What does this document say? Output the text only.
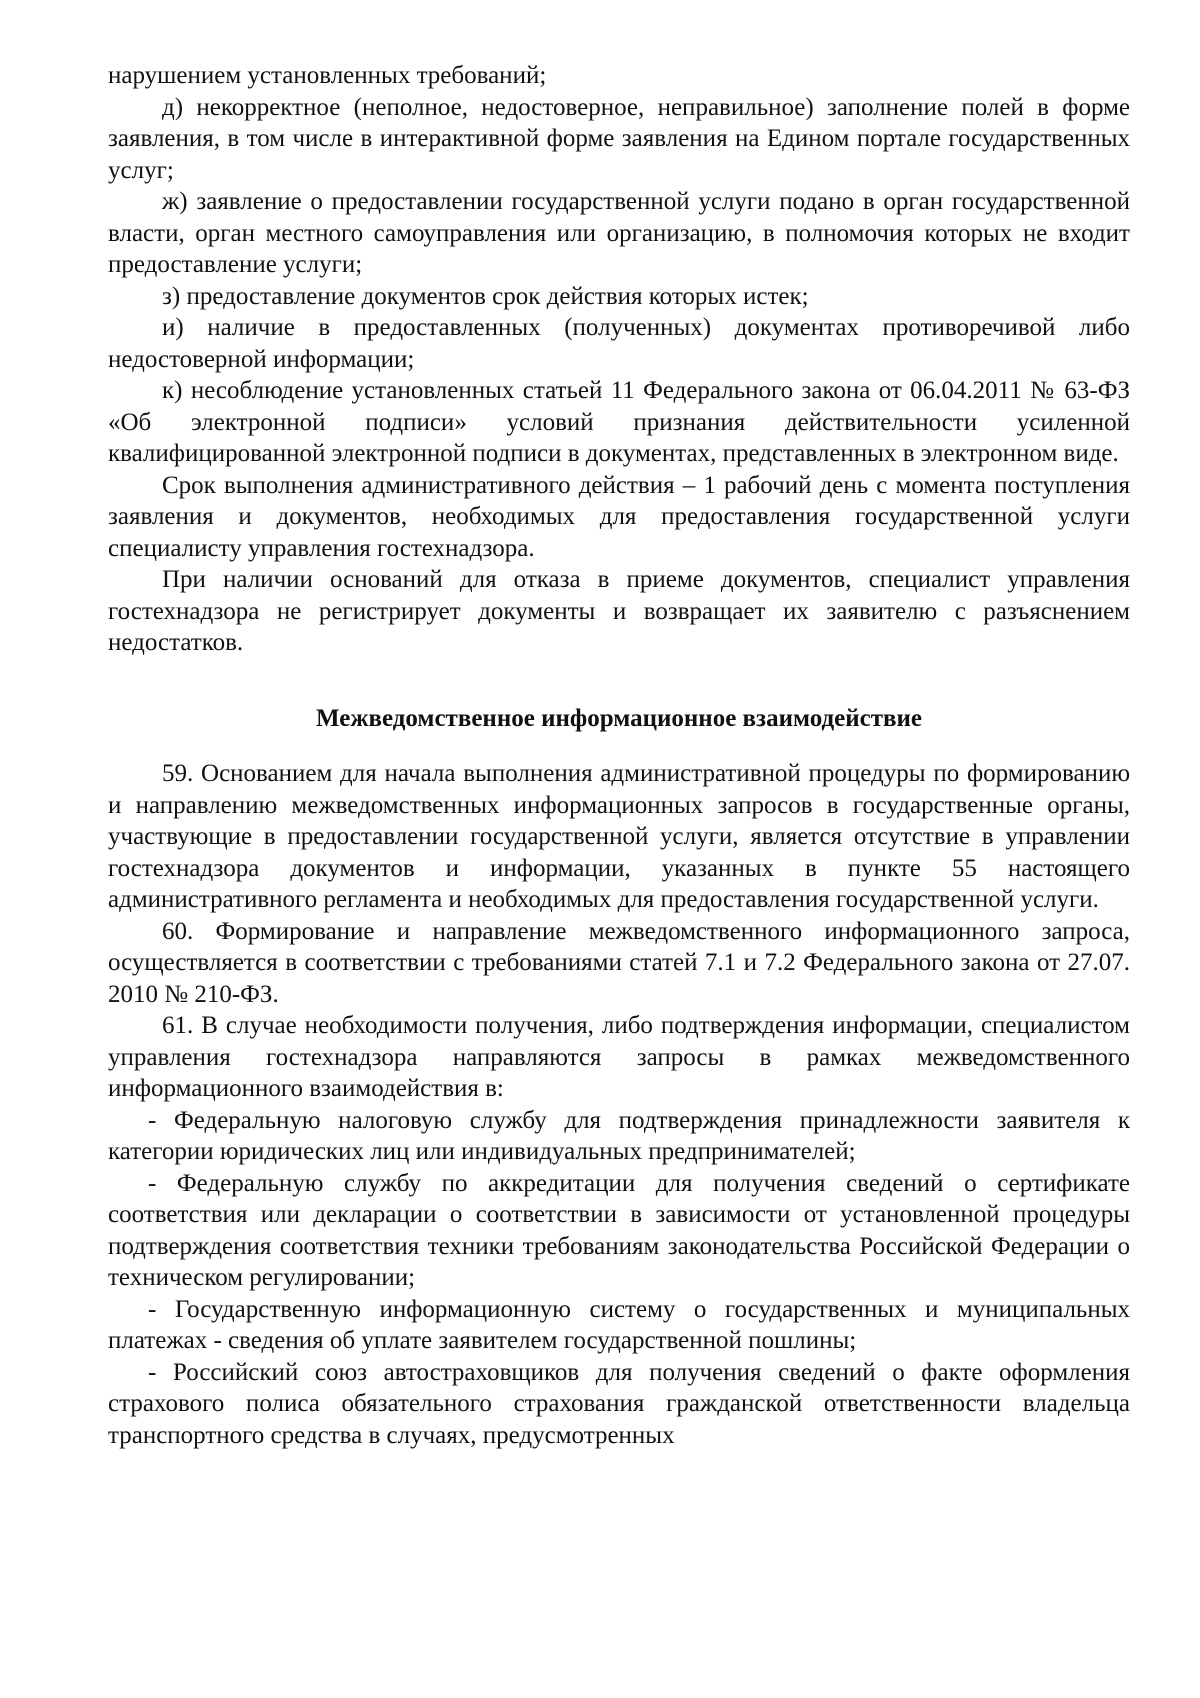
нарушением установленных требований;

д) некорректное (неполное, недостоверное, неправильное) заполнение полей в форме заявления, в том числе в интерактивной форме заявления на Едином портале государственных услуг;

ж) заявление о предоставлении государственной услуги подано в орган государственной власти, орган местного самоуправления или организацию, в полномочия которых не входит предоставление услуги;

з) предоставление документов срок действия которых истек;

и) наличие в предоставленных (полученных) документах противоречивой либо недостоверной информации;

к) несоблюдение установленных статьей 11 Федерального закона от 06.04.2011 № 63-ФЗ «Об электронной подписи» условий признания действительности усиленной квалифицированной электронной подписи в документах, представленных в электронном виде.

Срок выполнения административного действия – 1 рабочий день с момента поступления заявления и документов, необходимых для предоставления государственной услуги специалисту управления гостехнадзора.

При наличии оснований для отказа в приеме документов, специалист управления гостехнадзора не регистрирует документы и возвращает их заявителю с разъяснением недостатков.

Межведомственное информационное взаимодействие

59. Основанием для начала выполнения административной процедуры по формированию и направлению межведомственных информационных запросов в государственные органы, участвующие в предоставлении государственной услуги, является отсутствие в управлении гостехнадзора документов и информации, указанных в пункте 55 настоящего административного регламента и необходимых для предоставления государственной услуги.

60. Формирование и направление межведомственного информационного запроса, осуществляется в соответствии с требованиями статей 7.1 и 7.2 Федерального закона от 27.07. 2010 № 210-ФЗ.

61. В случае необходимости получения, либо подтверждения информации, специалистом управления гостехнадзора направляются запросы в рамках межведомственного информационного взаимодействия в:

- Федеральную налоговую службу для подтверждения принадлежности заявителя к категории юридических лиц или индивидуальных предпринимателей;

- Федеральную службу по аккредитации для получения сведений о сертификате соответствия или декларации о соответствии в зависимости от установленной процедуры подтверждения соответствия техники требованиям законодательства Российской Федерации о техническом регулировании;

- Государственную информационную систему о государственных и муниципальных платежах - сведения об уплате заявителем государственной пошлины;

- Российский союз автостраховщиков для получения сведений о факте оформления страхового полиса обязательного страхования гражданской ответственности владельца транспортного средства в случаях, предусмотренных
